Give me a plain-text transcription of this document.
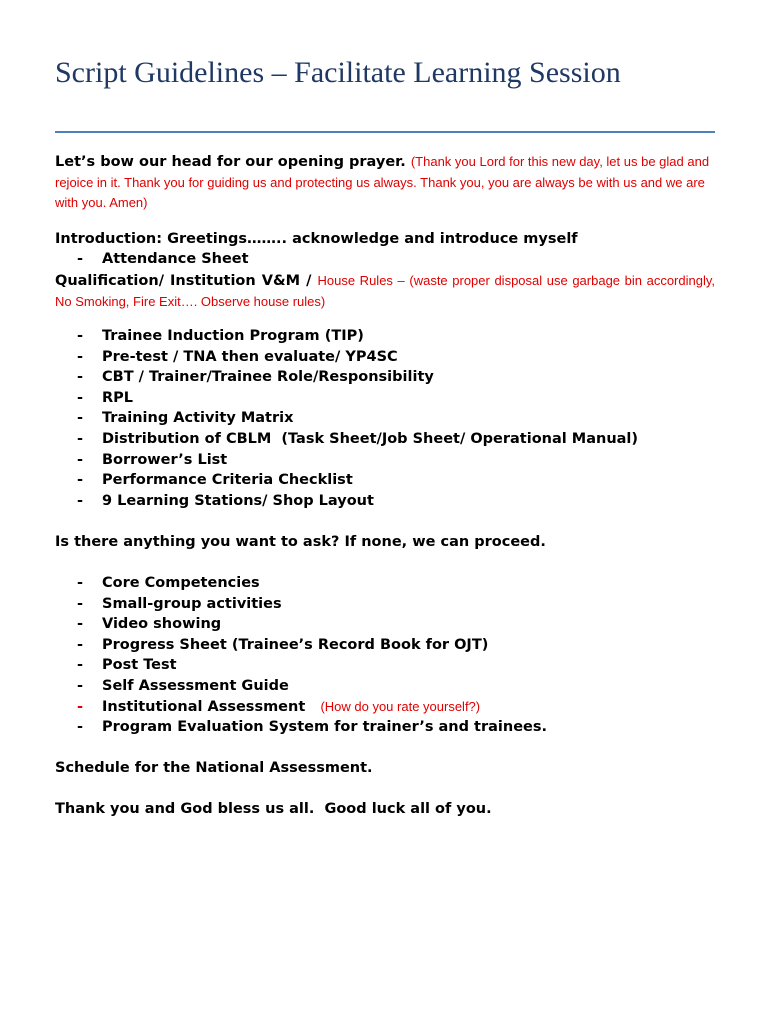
Script Guidelines – Facilitate Learning Session
Let’s bow our head for our opening prayer. (Thank you Lord for this new day, let us be glad and rejoice in it. Thank you for guiding us and protecting us always. Thank you, you are always be with us and we are with you. Amen)
Introduction: Greetings…….. acknowledge and introduce myself
- Attendance Sheet
Qualification/ Institution V&M / House Rules – (waste proper disposal use garbage bin accordingly, No Smoking, Fire Exit…. Observe house rules)
- Trainee Induction Program (TIP)
- Pre-test / TNA then evaluate/ YP4SC
- CBT / Trainer/Trainee Role/Responsibility
- RPL
- Training Activity Matrix
- Distribution of CBLM  (Task Sheet/Job Sheet/ Operational Manual)
- Borrower’s List
- Performance Criteria Checklist
- 9 Learning Stations/ Shop Layout
Is there anything you want to ask? If none, we can proceed.
- Core Competencies
- Small-group activities
- Video showing
- Progress Sheet (Trainee’s Record Book for OJT)
- Post Test
- Self Assessment Guide
- Institutional Assessment (How do you rate yourself?)
- Program Evaluation System for trainer’s and trainees.
Schedule for the National Assessment.
Thank you and God bless us all.  Good luck all of you.
